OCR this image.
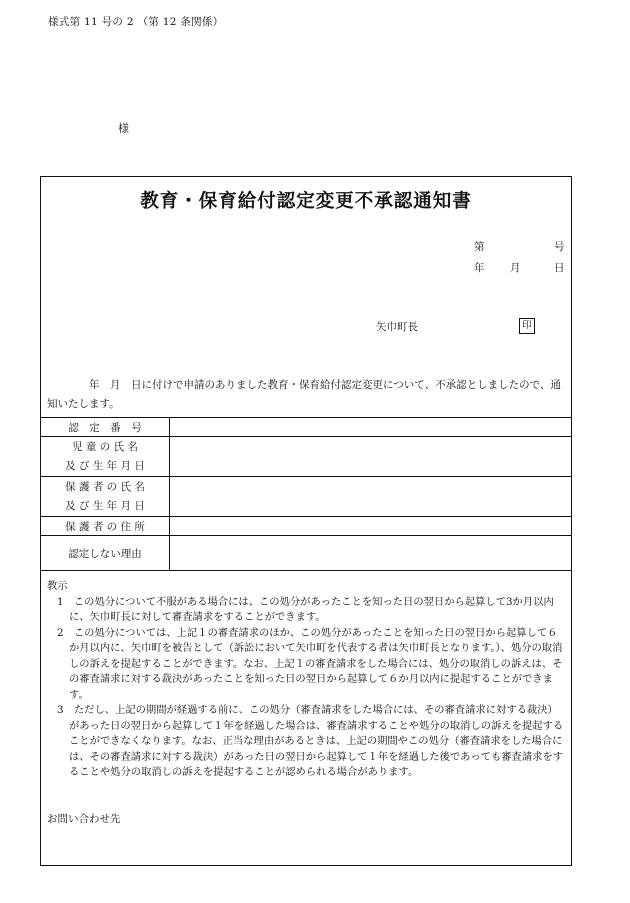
様式第 11 号の 2 （第 12 条関係）
様
教育・保育給付認定変更不承認通知書
第	号
年 月	日
矢巾町長	印
年　月　日に付けで申請のありました教育・保育給付認定変更について、不承認としましたので、通知いたします。
認　定　番　号	

児 童 の 氏 名
及 び 生 年 月 日	

保 護 者 の 氏 名
及 び 生 年 月 日	

保 護 者 の 住 所	
認定しない理由	
教示

1　この処分について不服がある場合には、この処分があったことを知った日の翌日から起算して3か月以内に、矢巾町長に対して審査請求をすることができます。

2　この処分については、上記１の審査請求のほか、この処分があったことを知った日の翌日から起算して６か月以内に、矢巾町を被告として（訴訟において矢巾町を代表する者は矢巾町長となります。）、処分の取消しの訴えを提起することができます。なお、上記１の審査請求をした場合には、処分の取消しの訴えは、その審査請求に対する裁決があったことを知った日の翌日から起算して６か月以内に提起することができます。

3　ただし、上記の期間が経過する前に、この処分（審査請求をした場合には、その審査請求に対する裁決）があった日の翌日から起算して１年を経過した場合は、審査請求することや処分の取消しの訴えを提起することができなくなります。なお、正当な理由があるときは、上記の期間やこの処分（審査請求をした場合には、その審査請求に対する裁決）があった日の翌日から起算して１年を経過した後であっても審査請求をすることや処分の取消しの訴えを提起することが認められる場合があります。

お問い合わせ先
